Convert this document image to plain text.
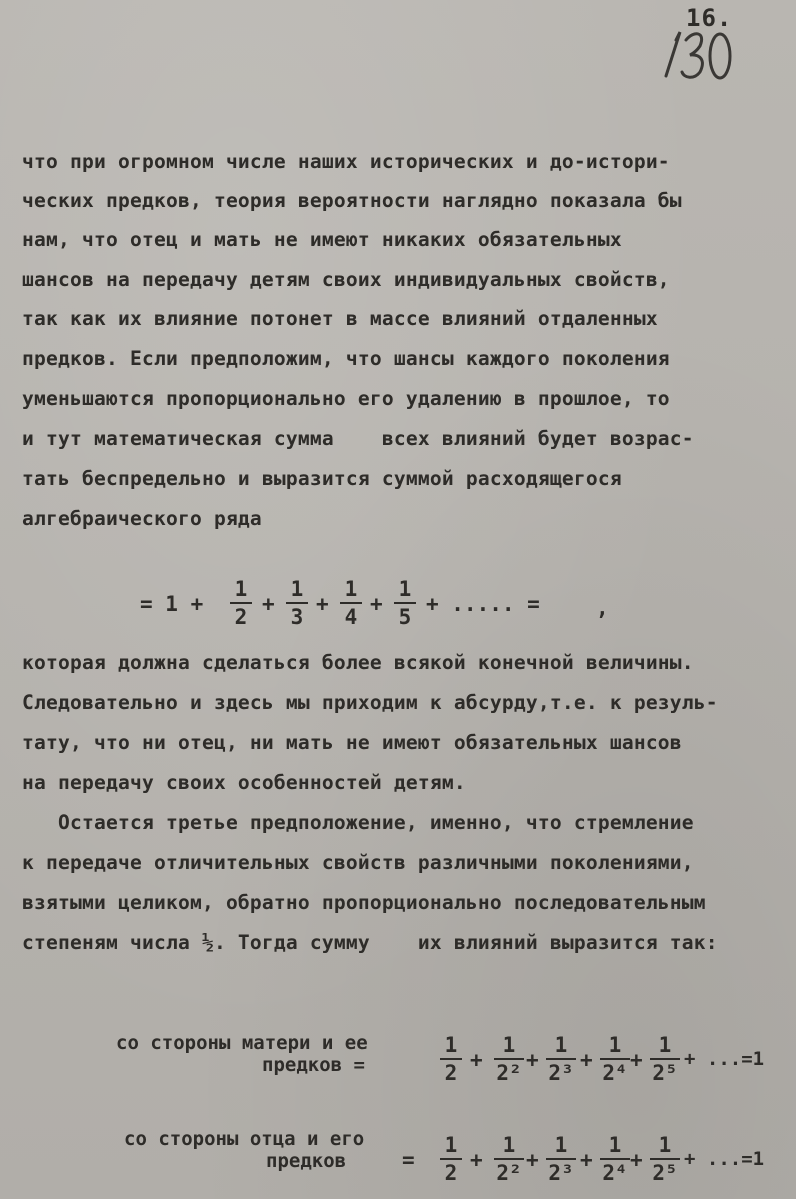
16.
что при огромном числе наших исторических и до-истори-
ческих предков, теория вероятности наглядно показала бы
нам, что отец и мать не имеют никаких обязательных
шансов на передачу детям своих индивидуальных свойств,
так как их влияние потонет в массе влияний отдаленных
предков. Если предположим, что шансы каждого поколения
уменьшаются пропорционально его удалению в прошлое, то
и тут математическая сумма    всех влияний будет возрас-
тать беспредельно и выразится суммой расходящегося
алгебраического ряда
= 1 +
1
2
+
1
3
+
1
4
+
1
5
+ ..... =	,
которая должна сделаться более всякой конечной величины.
Следовательно и здесь мы приходим к абсурду,т.е. к резуль-
тату, что ни отец, ни мать не имеют обязательных шансов
на передачу своих особенностей детям.
Остается третье предположение, именно, что стремление
к передаче отличительных свойств различными поколениями,
взятыми целиком, обратно пропорционально последовательным
степеням числа ½. Тогда сумму    их влияний выразится так:
со стороны матери и ее
предков =
1
2
+
1
2²
+
1
2³
+
1
2⁴
+
1
2⁵
+ ...=1
со стороны отца и его
предков	=
1
2
+
1
2²
+
1
2³
+
1
2⁴
+
1
2⁵
+ ...=1
